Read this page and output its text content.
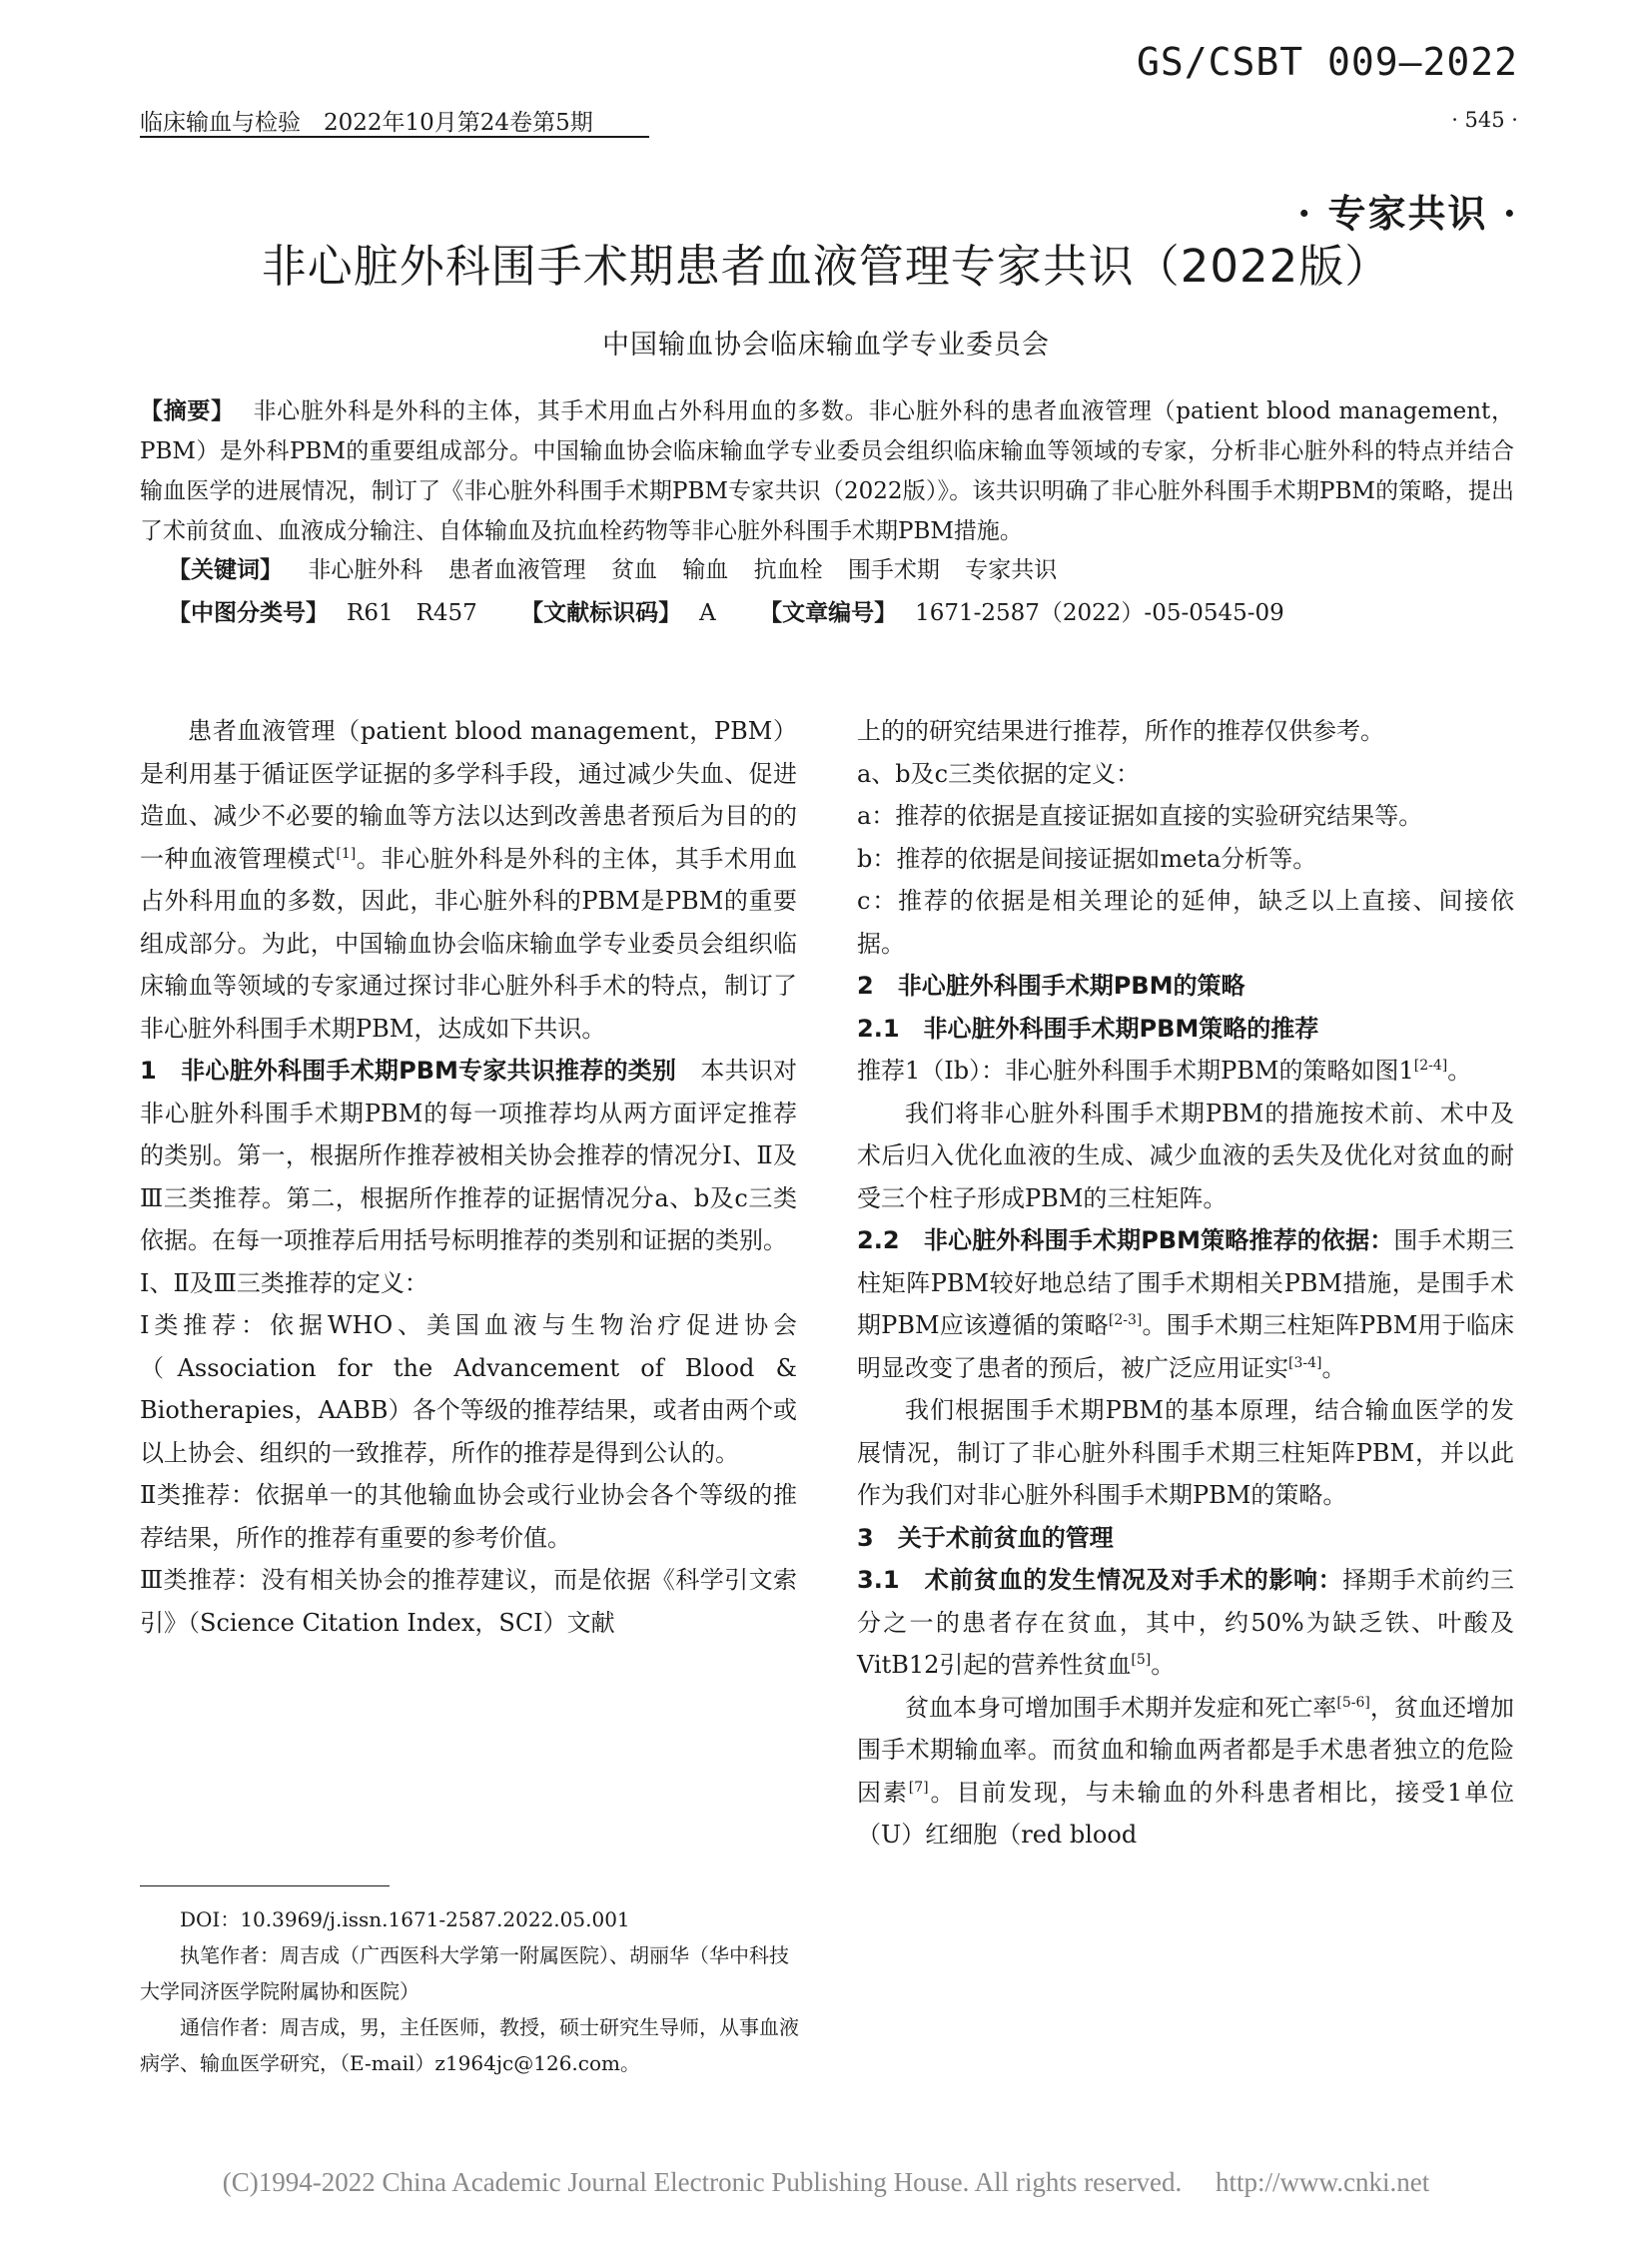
GS/CSBT 009—2022
临床输血与检验　2022年10月第24卷第5期	· 545 ·
· 专家共识 ·
非心脏外科围手术期患者血液管理专家共识（2022版）
中国输血协会临床输血学专业委员会

【摘要】 非心脏外科是外科的主体，其手术用血占外科用血的多数。非心脏外科的患者血液管理（patient blood management，PBM）是外科PBM的重要组成部分。中国输血协会临床输血学专业委员会组织临床输血等领域的专家，分析非心脏外科的特点并结合输血医学的进展情况，制订了《非心脏外科围手术期PBM专家共识（2022版）》。该共识明确了非心脏外科围手术期PBM的策略，提出了术前贫血、血液成分输注、自体输血及抗血栓药物等非心脏外科围手术期PBM措施。

【关键词】 非心脏外科 患者血液管理 贫血 输血 抗血栓 围手术期 专家共识
【中图分类号】 R61　R457 【文献标识码】 A 【文章编号】 1671-2587（2022）-05-0545-09

患者血液管理（patient blood management，PBM）是利用基于循证医学证据的多学科手段，通过减少失血、促进造血、减少不必要的输血等方法以达到改善患者预后为目的的一种血液管理模式[1]。非心脏外科是外科的主体，其手术用血占外科用血的多数，因此，非心脏外科的PBM是PBM的重要组成部分。为此，中国输血协会临床输血学专业委员会组织临床输血等领域的专家通过探讨非心脏外科手术的特点，制订了非心脏外科围手术期PBM，达成如下共识。

1　非心脏外科围手术期PBM专家共识推荐的类别　 本共识对非心脏外科围手术期PBM的每一项推荐均从两方面评定推荐的类别。第一，根据所作推荐被相关协会推荐的情况分Ⅰ、Ⅱ及Ⅲ三类推荐。第二，根据所作推荐的证据情况分a、b及c三类依据。在每一项推荐后用括号标明推荐的类别和证据的类别。

Ⅰ、Ⅱ及Ⅲ三类推荐的定义：

Ⅰ类推荐：依据WHO、美国血液与生物治疗促进协会（Association for the Advancement of Blood & Biotherapies，AABB）各个等级的推荐结果，或者由两个或以上协会、组织的一致推荐，所作的推荐是得到公认的。

Ⅱ类推荐：依据单一的其他输血协会或行业协会各个等级的推荐结果，所作的推荐有重要的参考价值。

Ⅲ类推荐：没有相关协会的推荐建议，而是依据《科学引文索引》（Science Citation Index，SCI）文献

上的的研究结果进行推荐，所作的推荐仅供参考。

a、b及c三类依据的定义：

a：推荐的依据是直接证据如直接的实验研究结果等。

b：推荐的依据是间接证据如meta分析等。

c：推荐的依据是相关理论的延伸，缺乏以上直接、间接依据。

2　非心脏外科围手术期PBM的策略

2.1　非心脏外科围手术期PBM策略的推荐

推荐1（Ⅰb）：非心脏外科围手术期PBM的策略如图1[2-4]。

我们将非心脏外科围手术期PBM的措施按术前、术中及术后归入优化血液的生成、减少血液的丢失及优化对贫血的耐受三个柱子形成PBM的三柱矩阵。

2.2　非心脏外科围手术期PBM策略推荐的依据：围手术期三柱矩阵PBM较好地总结了围手术期相关PBM措施，是围手术期PBM应该遵循的策略[2-3]。围手术期三柱矩阵PBM用于临床明显改变了患者的预后，被广泛应用证实[3-4]。

我们根据围手术期PBM的基本原理，结合输血医学的发展情况，制订了非心脏外科围手术期三柱矩阵PBM，并以此作为我们对非心脏外科围手术期PBM的策略。

3　关于术前贫血的管理

3.1　术前贫血的发生情况及对手术的影响：择期手术前约三分之一的患者存在贫血，其中，约50%为缺乏铁、叶酸及VitB12引起的营养性贫血[5]。

贫血本身可增加围手术期并发症和死亡率[5-6]，贫血还增加围手术期输血率。而贫血和输血两者都是手术患者独立的危险因素[7]。目前发现，与未输血的外科患者相比，接受1单位（U）红细胞（red blood

DOI：10.3969/j.issn.1671-2587.2022.05.001

执笔作者：周吉成（广西医科大学第一附属医院）、胡丽华（华中科技大学同济医学院附属协和医院）

通信作者：周吉成，男，主任医师，教授，硕士研究生导师，从事血液病学、输血医学研究，（E-mail）z1964jc@126.com。

(C)1994-2022 China Academic Journal Electronic Publishing House. All rights reserved.　 http://www.cnki.net
